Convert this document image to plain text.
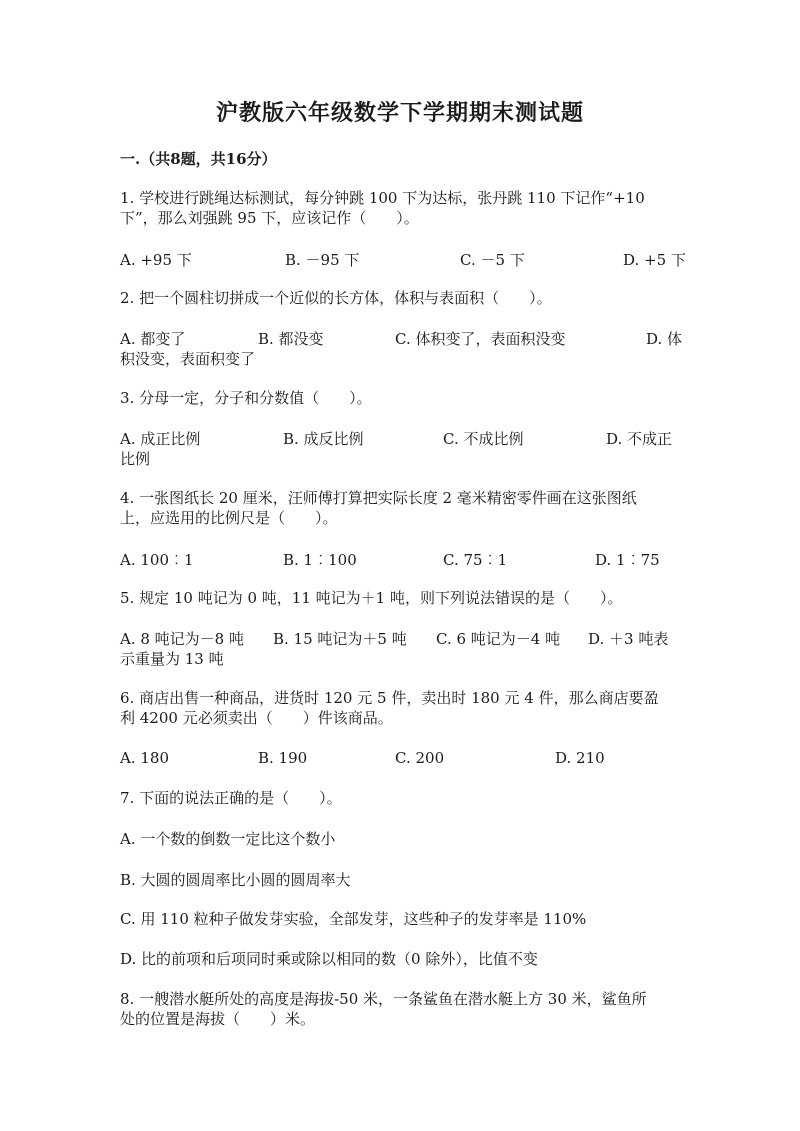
沪教版六年级数学下学期期末测试题
一.（共8题，共16分）
1. 学校进行跳绳达标测试，每分钟跳 100 下为达标，张丹跳 110 下记作“+10
下”，那么刘强跳 95 下，应该记作（　　）。
A. +95 下	B. －95 下	C. －5 下	D. +5 下
2. 把一个圆柱切拼成一个近似的长方体，体积与表面积（　　）。
A. 都变了	B. 都没变	C. 体积变了，表面积没变	D. 体
积没变，表面积变了
3. 分母一定，分子和分数值（　　）。
A. 成正比例	B. 成反比例	C. 不成比例	D. 不成正
比例
4. 一张图纸长 20 厘米，汪师傅打算把实际长度 2 毫米精密零件画在这张图纸
上，应选用的比例尺是（　　）。
A. 100︰1	B. 1︰100	C. 75︰1	D. 1︰75
5. 规定 10 吨记为 0 吨，11 吨记为＋1 吨，则下列说法错误的是（　　）。
A. 8 吨记为－8 吨 B. 15 吨记为＋5 吨 C. 6 吨记为－4 吨 D. ＋3 吨表
示重量为 13 吨
6. 商店出售一种商品，进货时 120 元 5 件，卖出时 180 元 4 件，那么商店要盈
利 4200 元必须卖出（　　）件该商品。
A. 180	B. 190	C. 200	D. 210
7. 下面的说法正确的是（　　）。
A. 一个数的倒数一定比这个数小
B. 大圆的圆周率比小圆的圆周率大
C. 用 110 粒种子做发芽实验，全部发芽，这些种子的发芽率是 110%
D. 比的前项和后项同时乘或除以相同的数（0 除外），比值不变
8. 一艘潜水艇所处的高度是海拔-50 米，一条鲨鱼在潜水艇上方 30 米，鲨鱼所
处的位置是海拔（　　）米。
